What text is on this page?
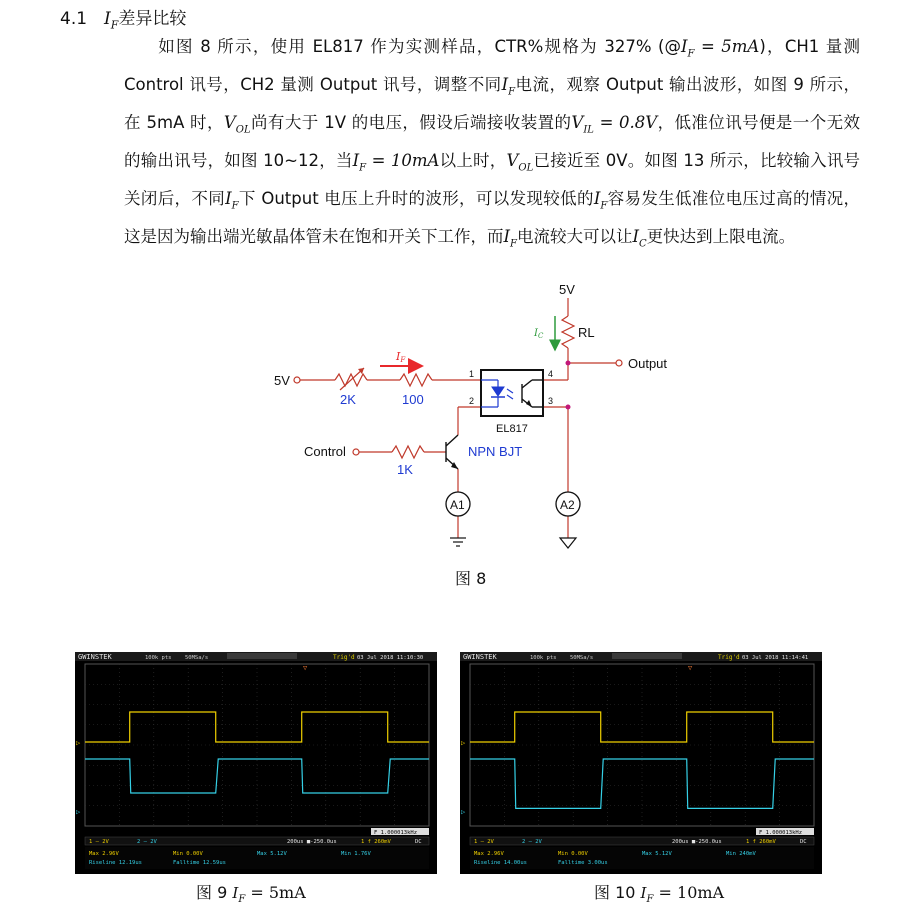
4.1 $I_F$差异比较
如图 8 所示，使用 EL817 作为实测样品，CTR%规格为 327% $(@I_F = 5mA)$，CH1 量测 Control 讯号，CH2 量测 Output 讯号，调整不同$I_F$电流，观察 Output 输出波形，如图 9 所示，在 5mA 时，$V_{OL}$尚有大于 1V 的电压，假设后端接收装置的$V_{IL} = 0.8V$，低准位讯号便是一个无效的输出讯号，如图 10~12，当$I_F = 10mA$以上时，$V_{OL}$已接近至 0V。如图 13 所示，比较输入讯号关闭后，不同$I_F$下 Output 电压上升时的波形，可以发现较低的$I_F$容易发生低准位电压过高的情况，这是因为输出端光敏晶体管未在饱和开关下工作，而$I_F$电流较大可以让$I_C$更快达到上限电流。
5V
5V
RL
Output
2K	100
Control
1K
NPN BJT
EL817
A1	A2
1
2	3
4
IF
$I_C$
图 8
GWINSTEK	100k pts 50MSa/s	Trig'd 03 Jul 2018 11:10:30
▷
▷
▽
F 1.000013kHz
1 — 2V	2 — 2V	200us ■-250.0us	1 f 260mV	DC
Max 2.96V	Min 0.00V	Max 5.12V	Min 1.76V
Riseline 12.19us	Falltime 12.59us
GWINSTEK	100k pts 50MSa/s	Trig'd 03 Jul 2018 11:14:41
▷
▷
▽
F 1.000013kHz
1 — 2V	2 — 2V	200us ■-250.0us	1 f 260mV	DC
Max 2.96V	Min 0.00V	Max 5.12V	Min 240mV
Riseline 14.00us	Falltime 3.00us
图 9 $I_F = 5mA$	图 10 $I_F = 10mA$
